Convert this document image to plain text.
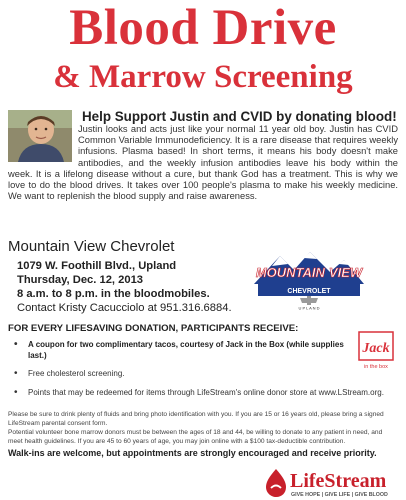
Blood Drive
& Marrow Screening
Help Support Justin and CVID by donating blood!
Justin looks and acts just like your normal 11 year old boy. Justin has CVID Common Variable Immunodeficiency. It is a rare disease that requires weekly infusions. Plasma based! In short terms, it means his body doesn't make antibodies, and the weekly infusion antibodies leave his body within the week. It is a lifelong disease without a cure, but thank God has a treatment. This is why we love to do the blood drives. It takes over 100 people's plasma to make his weekly medicine. We want to replenish the blood supply and raise awareness.
Mountain View Chevrolet
1079 W. Foothill Blvd., Upland
Thursday, Dec. 12, 2013
8 a.m. to 8 p.m. in the bloodmobiles.
Contact Kristy Cacucciolo at 951.316.6884.
MOUNTAIN VIEW
CHEVROLET
U P L A N D
FOR EVERY LIFESAVING DONATION, PARTICIPANTS RECEIVE:
• A coupon for two complimentary tacos, courtesy of Jack in the Box (while supplies last.)
• Free cholesterol screening.
• Points that may be redeemed for items through LifeStream's online donor store at www.LStream.org.
Jack
in the box
Please be sure to drink plenty of fluids and bring photo identification with you. If you are 15 or 16 years old, please bring a signed LifeStream parental consent form.
Potential volunteer bone marrow donors must be between the ages of 18 and 44, be willing to donate to any patient in need, and meet health guidelines. If you are 45 to 60 years of age, you may join online with a $100 tax-deductible contribution.
Walk-ins are welcome, but appointments are strongly encouraged and receive priority.
LifeStream
GIVE HOPE | GIVE LIFE | GIVE BLOOD
